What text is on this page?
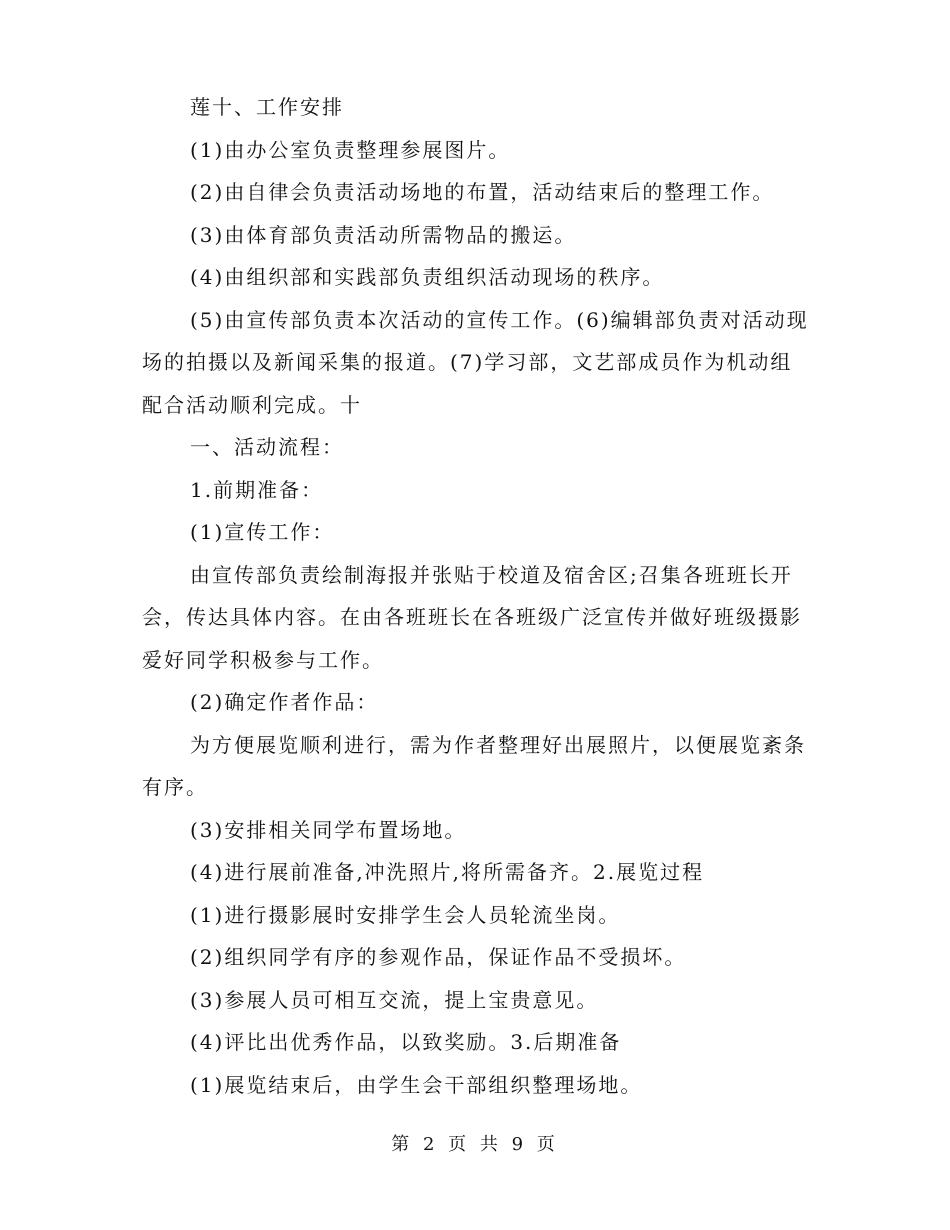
莲十、工作安排

(1)由办公室负责整理参展图片。

(2)由自律会负责活动场地的布置，活动结束后的整理工作。

(3)由体育部负责活动所需物品的搬运。

(4)由组织部和实践部负责组织活动现场的秩序。

(5)由宣传部负责本次活动的宣传工作。(6)编辑部负责对活动现场的拍摄以及新闻采集的报道。(7)学习部，文艺部成员作为机动组配合活动顺利完成。十

一、活动流程：

1.前期准备：

(1)宣传工作：

由宣传部负责绘制海报并张贴于校道及宿舍区;召集各班班长开会，传达具体内容。在由各班班长在各班级广泛宣传并做好班级摄影爱好同学积极参与工作。

(2)确定作者作品：

为方便展览顺利进行，需为作者整理好出展照片，以便展览紊条有序。

(3)安排相关同学布置场地。

(4)进行展前准备,冲洗照片,将所需备齐。2.展览过程

(1)进行摄影展时安排学生会人员轮流坐岗。

(2)组织同学有序的参观作品，保证作品不受损坏。

(3)参展人员可相互交流，提上宝贵意见。

(4)评比出优秀作品，以致奖励。3.后期准备

(1)展览结束后，由学生会干部组织整理场地。

第 2 页 共 9 页
